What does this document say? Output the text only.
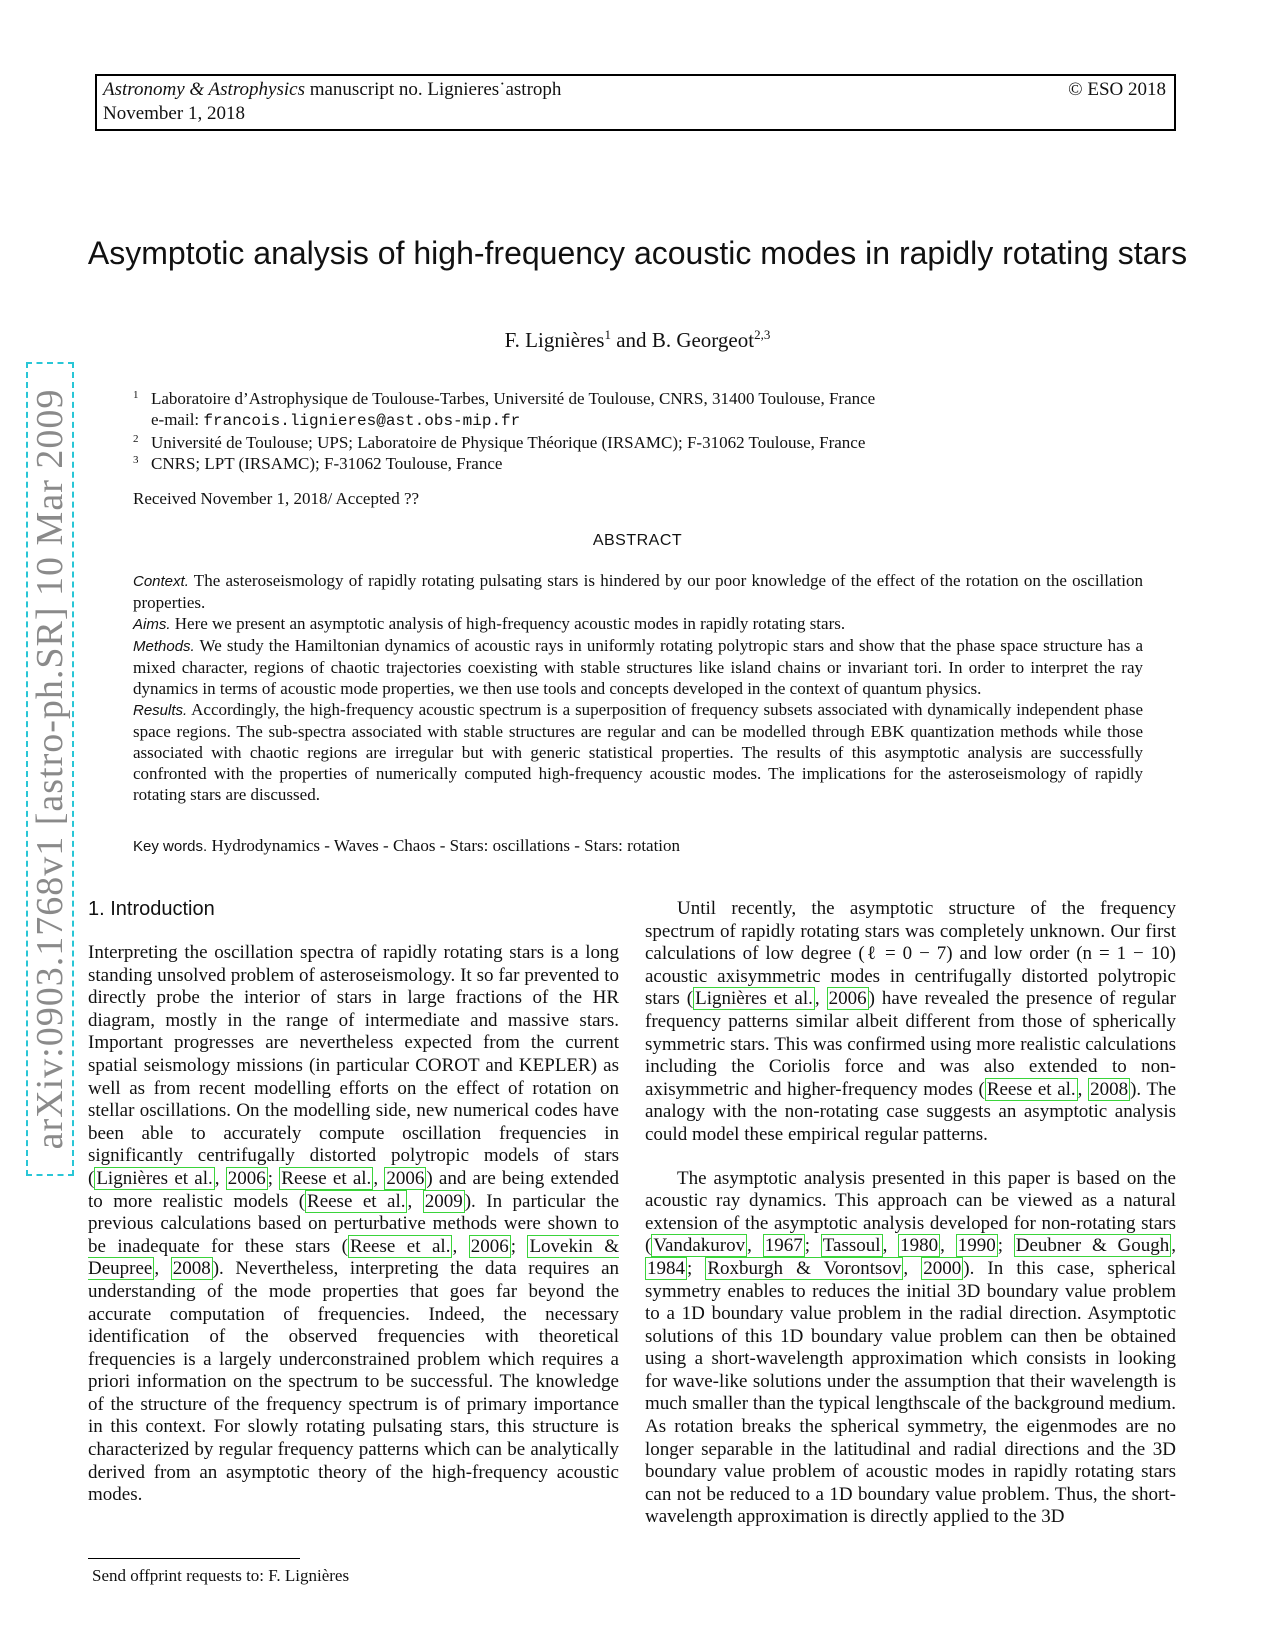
Astronomy & Astrophysics manuscript no. Lignieres˙astroph
November 1, 2018
© ESO 2018
arXiv:0903.1768v1 [astro-ph.SR] 10 Mar 2009
Asymptotic analysis of high-frequency acoustic modes in rapidly rotating stars
F. Lignières$^1$ and B. Georgeot$^{2,3}$
1 Laboratoire d’Astrophysique de Toulouse-Tarbes, Université de Toulouse, CNRS, 31400 Toulouse, France
e-mail: francois.lignieres@ast.obs-mip.fr
2 Université de Toulouse; UPS; Laboratoire de Physique Théorique (IRSAMC); F-31062 Toulouse, France
3 CNRS; LPT (IRSAMC); F-31062 Toulouse, France
Received November 1, 2018/ Accepted ??
ABSTRACT

Context. The asteroseismology of rapidly rotating pulsating stars is hindered by our poor knowledge of the effect of the rotation on the oscillation properties.

Aims. Here we present an asymptotic analysis of high-frequency acoustic modes in rapidly rotating stars.

Methods. We study the Hamiltonian dynamics of acoustic rays in uniformly rotating polytropic stars and show that the phase space structure has a mixed character, regions of chaotic trajectories coexisting with stable structures like island chains or invariant tori. In order to interpret the ray dynamics in terms of acoustic mode properties, we then use tools and concepts developed in the context of quantum physics.

Results. Accordingly, the high-frequency acoustic spectrum is a superposition of frequency subsets associated with dynamically independent phase space regions. The sub-spectra associated with stable structures are regular and can be modelled through EBK quantization methods while those associated with chaotic regions are irregular but with generic statistical properties. The results of this asymptotic analysis are successfully confronted with the properties of numerically computed high-frequency acoustic modes. The implications for the asteroseismology of rapidly rotating stars are discussed.

Key words. Hydrodynamics - Waves - Chaos - Stars: oscillations - Stars: rotation
1. Introduction

Interpreting the oscillation spectra of rapidly rotating stars is a long standing unsolved problem of asteroseismology. It so far prevented to directly probe the interior of stars in large fractions of the HR diagram, mostly in the range of intermediate and massive stars. Important progresses are nevertheless expected from the current spatial seismology missions (in particular COROT and KEPLER) as well as from recent modelling efforts on the effect of rotation on stellar oscillations. On the modelling side, new numerical codes have been able to accurately compute oscillation frequencies in significantly centrifugally distorted polytropic models of stars ( Lignières et al. , 2006 ; Reese et al. , 2006 ) and are being extended to more realistic models ( Reese et al. , 2009 ). In particular the previous calculations based on perturbative methods were shown to be inadequate for these stars ( Reese et al. , 2006 ; Lovekin & Deupree , 2008 ). Nevertheless, interpreting the data requires an understanding of the mode properties that goes far beyond the accurate computation of frequencies. Indeed, the necessary identification of the observed frequencies with theoretical frequencies is a largely underconstrained problem which requires a priori information on the spectrum to be successful. The knowledge of the structure of the frequency spectrum is of primary importance in this context. For slowly rotating pulsating stars, this structure is characterized by regular frequency patterns which can be analytically derived from an asymptotic theory of the high-frequency acoustic modes.

Until recently, the asymptotic structure of the frequency spectrum of rapidly rotating stars was completely unknown. Our first calculations of low degree (ℓ = 0 − 7) and low order (n = 1 − 10) acoustic axisymmetric modes in centrifugally distorted polytropic stars ( Lignières et al. , 2006 ) have revealed the presence of regular frequency patterns similar albeit different from those of spherically symmetric stars. This was confirmed using more realistic calculations including the Coriolis force and was also extended to non-axisymmetric and higher-frequency modes ( Reese et al. , 2008 ). The analogy with the non-rotating case suggests an asymptotic analysis could model these empirical regular patterns.

The asymptotic analysis presented in this paper is based on the acoustic ray dynamics. This approach can be viewed as a natural extension of the asymptotic analysis developed for non-rotating stars ( Vandakurov , 1967 ; Tassoul , 1980 , 1990 ; Deubner & Gough , 1984 ; Roxburgh & Vorontsov , 2000 ). In this case, spherical symmetry enables to reduces the initial 3D boundary value problem to a 1D boundary value problem in the radial direction. Asymptotic solutions of this 1D boundary value problem can then be obtained using a short-wavelength approximation which consists in looking for wave-like solutions under the assumption that their wavelength is much smaller than the typical lengthscale of the background medium. As rotation breaks the spherical symmetry, the eigenmodes are no longer separable in the latitudinal and radial directions and the 3D boundary value problem of acoustic modes in rapidly rotating stars can not be reduced to a 1D boundary value problem. Thus, the short-wavelength approximation is directly applied to the 3D

Send offprint requests to: F. Lignières
